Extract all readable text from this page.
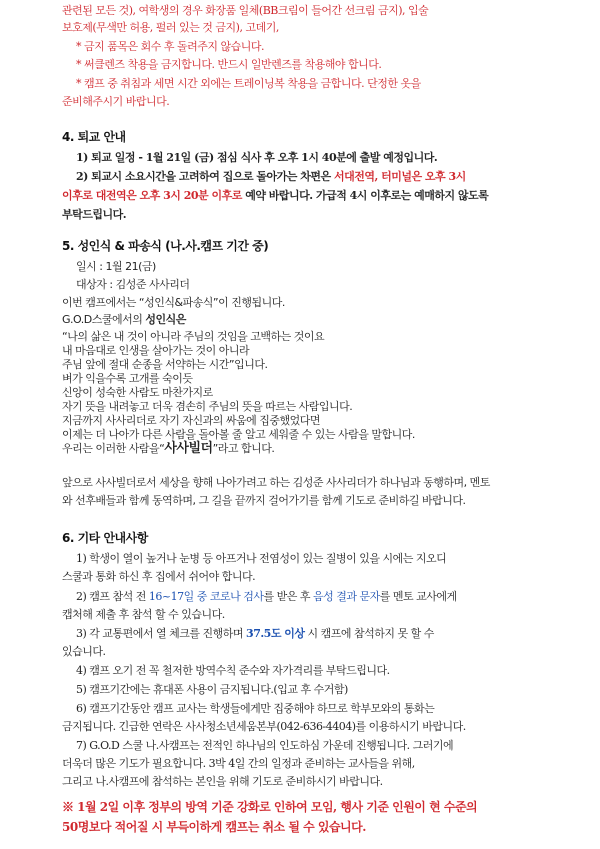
관련된 모든 것), 여학생의 경우 화장품 일체(BB크림이 들어간 선크림 금지), 입술
보호제(무색만 허용, 펄러 있는 것 금지), 고데기,
* 금지 품목은 회수 후 돌려주지 않습니다.
* 써클렌즈 착용을 금지합니다. 반드시 일반렌즈를 착용해야 합니다.
* 캠프 중 취침과 세면 시간 외에는 트레이닝복 착용을 금합니다. 단정한 옷을
준비해주시기 바랍니다.
4. 퇴교 안내
1) 퇴교 일정 - 1월 21일 (금) 점심 식사 후 오후 1시 40분에 출발 예정입니다.
2) 퇴교시 소요시간을 고려하여 집으로 돌아가는 차편은 서대전역, 터미널은 오후 3시
이후로 대전역은 오후 3시 20분 이후로 예약 바랍니다. 가급적 4시 이후로는 예매하지 않도록
부탁드립니다.
5. 성인식 & 파송식 (나.사.캠프 기간 중)
일시 : 1월 21(금)
대상자 : 김성준 사사리더
이번 캠프에서는 “성인식&파송식”이 진행됩니다.
G.O.D스쿨에서의 성인식은
“나의 삶은 내 것이 아니라 주님의 것임을 고백하는 것이요
내 마음대로 인생을 살아가는 것이 아니라
주님 앞에 절대 순종을 서약하는 시간”입니다.
벼가 익을수록 고개를 숙이듯
신앙이 성숙한 사람도 마찬가지로
자기 뜻을 내려놓고 더욱 겸손히 주님의 뜻을 따르는 사람입니다.
지금까지 사사리더로 자기 자신과의 싸움에 집중했었다면
이제는 더 나아가 다른 사람을 돌아볼 줄 알고 세워줄 수 있는 사람을 말합니다.
우리는 이러한 사람을“사사빌더”라고 합니다.
앞으로 사사빌더로서 세상을 향해 나아가려고 하는 김성준 사사리더가 하나님과 동행하며, 멘토
와 선후배들과 함께 동역하며, 그 길을 끝까지 걸어가기를 함께 기도로 준비하길 바랍니다.
6. 기타 안내사항
1) 학생이 열이 높거나 눈병 등 아프거나 전염성이 있는 질병이 있을 시에는 지오디
스쿨과 통화 하신 후 집에서 쉬어야 합니다.
2) 캠프 참석 전 16~17일 중 코로나 검사를 받은 후 음성 결과 문자를 멘토 교사에게
캡처해 제출 후 참석 할 수 있습니다.
3) 각 교통편에서 열 체크를 진행하며 37.5도 이상 시 캠프에 참석하지 못 할 수
있습니다.
4) 캠프 오기 전 꼭 철저한 방역수칙 준수와 자가격리를 부탁드립니다.
5) 캠프기간에는 휴대폰 사용이 금지됩니다.(입교 후 수거함)
6) 캠프기간동안 캠프 교사는 학생들에게만 집중해야 하므로 학부모와의 통화는
금지됩니다. 긴급한 연락은 사사청소년세움본부(042-636-4404)를 이용하시기 바랍니다.
7) G.O.D 스쿨 나.사캠프는 전적인 하나님의 인도하심 가운데 진행됩니다. 그러기에
더욱더 많은 기도가 필요합니다. 3박 4일 간의 일정과 준비하는 교사들을 위해,
그리고 나.사캠프에 참석하는 본인을 위해 기도로 준비하시기 바랍니다.
※ 1월 2일 이후 정부의 방역 기준 강화로 인하여 모임, 행사 기준 인원이 현 수준의
50명보다 적어질 시 부득이하게 캠프는 취소 될 수 있습니다.
